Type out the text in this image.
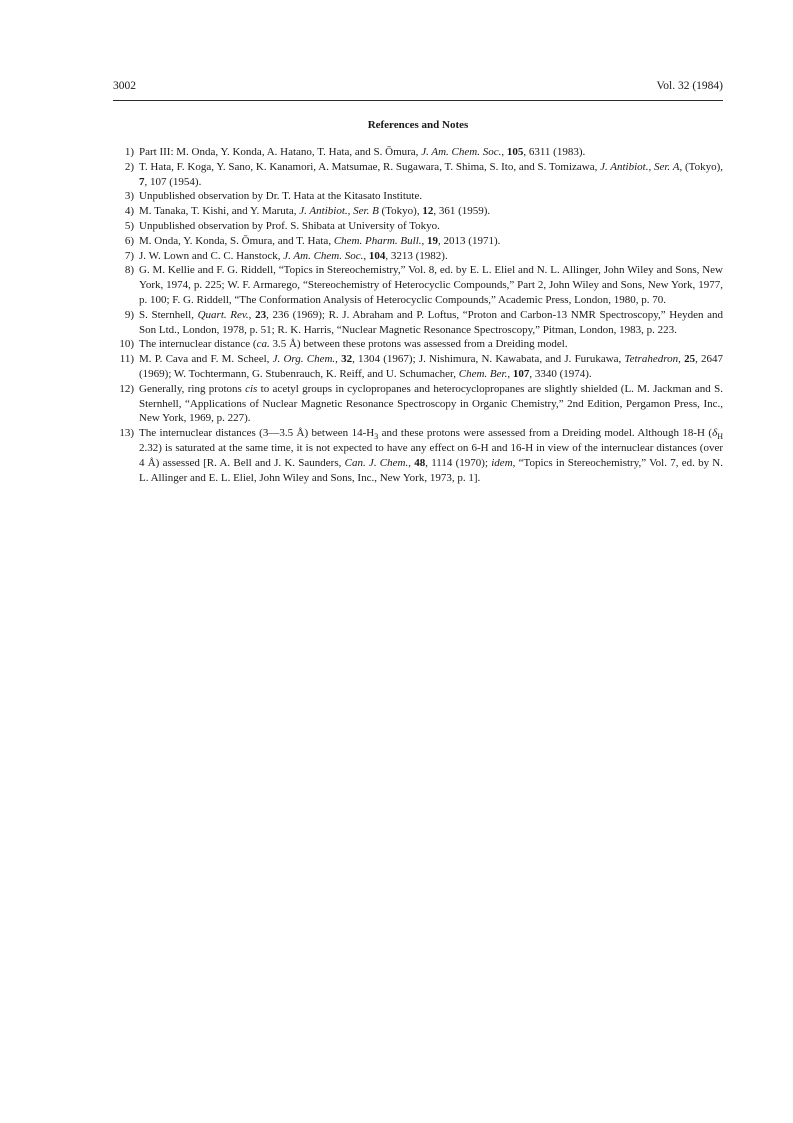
3002	Vol. 32 (1984)
References and Notes
1) Part III: M. Onda, Y. Konda, A. Hatano, T. Hata, and S. Ōmura, J. Am. Chem. Soc., 105, 6311 (1983).
2) T. Hata, F. Koga, Y. Sano, K. Kanamori, A. Matsumae, R. Sugawara, T. Shima, S. Ito, and S. Tomizawa, J. Antibiot., Ser. A, (Tokyo), 7, 107 (1954).
3) Unpublished observation by Dr. T. Hata at the Kitasato Institute.
4) M. Tanaka, T. Kishi, and Y. Maruta, J. Antibiot., Ser. B (Tokyo), 12, 361 (1959).
5) Unpublished observation by Prof. S. Shibata at University of Tokyo.
6) M. Onda, Y. Konda, S. Ōmura, and T. Hata, Chem. Pharm. Bull., 19, 2013 (1971).
7) J. W. Lown and C. C. Hanstock, J. Am. Chem. Soc., 104, 3213 (1982).
8) G. M. Kellie and F. G. Riddell, “Topics in Stereochemistry,” Vol. 8, ed. by E. L. Eliel and N. L. Allinger, John Wiley and Sons, New York, 1974, p. 225; W. F. Armarego, “Stereochemistry of Heterocyclic Compounds,” Part 2, John Wiley and Sons, New York, 1977, p. 100; F. G. Riddell, “The Conformation Analysis of Heterocyclic Compounds,” Academic Press, London, 1980, p. 70.
9) S. Sternhell, Quart. Rev., 23, 236 (1969); R. J. Abraham and P. Loftus, “Proton and Carbon-13 NMR Spectroscopy,” Heyden and Son Ltd., London, 1978, p. 51; R. K. Harris, “Nuclear Magnetic Resonance Spectroscopy,” Pitman, London, 1983, p. 223.
10) The internuclear distance (ca. 3.5 Å) between these protons was assessed from a Dreiding model.
11) M. P. Cava and F. M. Scheel, J. Org. Chem., 32, 1304 (1967); J. Nishimura, N. Kawabata, and J. Furukawa, Tetrahedron, 25, 2647 (1969); W. Tochtermann, G. Stubenrauch, K. Reiff, and U. Schumacher, Chem. Ber., 107, 3340 (1974).
12) Generally, ring protons cis to acetyl groups in cyclopropanes and heterocyclopropanes are slightly shielded (L. M. Jackman and S. Sternhell, “Applications of Nuclear Magnetic Resonance Spectroscopy in Organic Chemistry,” 2nd Edition, Pergamon Press, Inc., New York, 1969, p. 227).
13) The internuclear distances (3—3.5 Å) between $14-H_3$ and these protons were assessed from a Dreiding model. Although 18-H ($\delta_H$ 2.32) is saturated at the same time, it is not expected to have any effect on 6-H and 16-H in view of the internuclear distances (over 4 Å) assessed [R. A. Bell and J. K. Saunders, Can. J. Chem., 48, 1114 (1970); idem, “Topics in Stereochemistry,” Vol. 7, ed. by N. L. Allinger and E. L. Eliel, John Wiley and Sons, Inc., New York, 1973, p. 1].
